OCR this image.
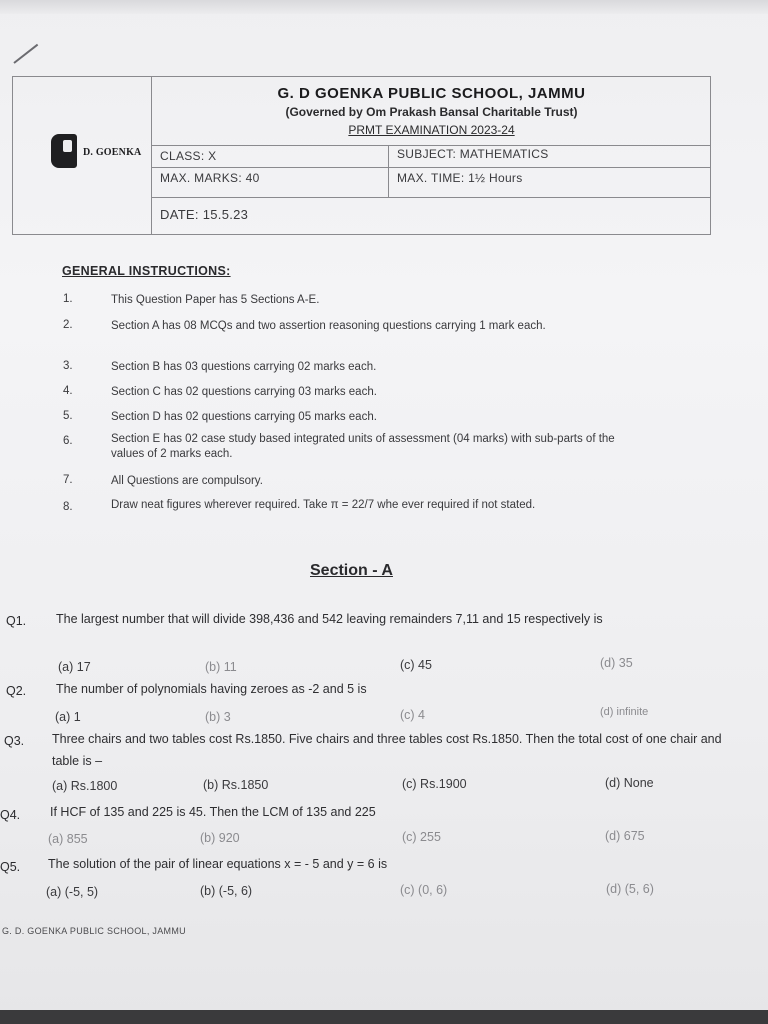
D. GOENKA
G. D GOENKA PUBLIC SCHOOL, JAMMU
(Governed by Om Prakash Bansal Charitable Trust)
PRMT EXAMINATION 2023-24
CLASS: X	SUBJECT: MATHEMATICS
MAX. MARKS: 40	MAX. TIME: 1½ Hours
DATE: 15.5.23
GENERAL INSTRUCTIONS:
1.	This Question Paper has 5 Sections A-E.
2.	Section A has 08 MCQs and two assertion reasoning questions carrying 1 mark each.
3.	Section B has 03 questions carrying 02 marks each.
4.	Section C has 02 questions carrying 03 marks each.
5.	Section D has 02 questions carrying 05 marks each.
6.	Section E has 02 case study based integrated units of assessment (04 marks) with sub-parts of the values of 2 marks each.
7.	All Questions are compulsory.
8.	Draw neat figures wherever required. Take π = 22/7 whe ever required if not stated.
Section - A
Q1. The largest number that will divide 398,436 and 542 leaving remainders 7,11 and 15 respectively is
(a) 17	(b) 11	(c) 45	(d) 35
Q2. The number of polynomials having zeroes as -2 and 5 is
(a) 1	(b) 3	(c) 4	(d) infinite
Q3. Three chairs and two tables cost Rs.1850. Five chairs and three tables cost Rs.1850. Then the total cost of one chair and table is –
(a) Rs.1800	(b) Rs.1850	(c) Rs.1900	(d) None
Q4. If HCF of 135 and 225 is 45. Then the LCM of 135 and 225
(a) 855	(b) 920	(c) 255	(d) 675
Q5. The solution of the pair of linear equations x = - 5 and y = 6 is
(a) (-5, 5)	(b) (-5, 6)	(c) (0, 6)	(d) (5, 6)
G. D. GOENKA PUBLIC SCHOOL, JAMMU
